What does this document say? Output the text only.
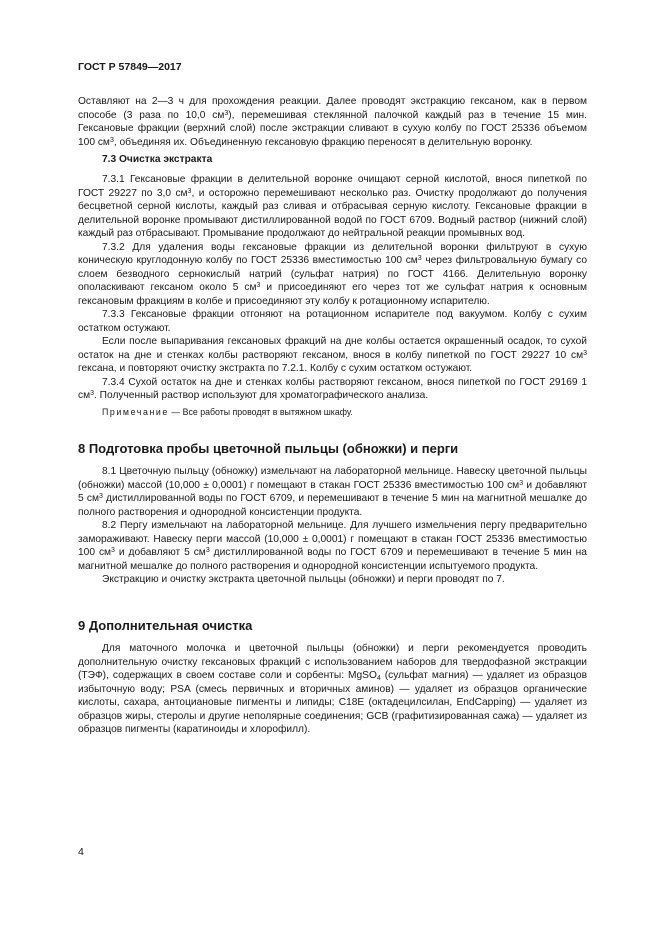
ГОСТ Р 57849—2017

Оставляют на 2—3 ч для прохождения реакции. Далее проводят экстракцию гексаном, как в первом способе (3 раза по 10,0 $см^3$), перемешивая стеклянной палочкой каждый раз в течение 15 мин. Гексановые фракции (верхний слой) после экстракции сливают в сухую колбу по ГОСТ 25336 объемом 100 $см^3$, объединяя их. Объединенную гексановую фракцию переносят в делительную воронку.

7.3 Очистка экстракта

7.3.1 Гексановые фракции в делительной воронке очищают серной кислотой, внося пипеткой по ГОСТ 29227 по 3,0 $см^3$, и осторожно перемешивают несколько раз. Очистку продолжают до получения бесцветной серной кислоты, каждый раз сливая и отбрасывая серную кислоту. Гексановые фракции в делительной воронке промывают дистиллированной водой по ГОСТ 6709. Водный раствор (нижний слой) каждый раз отбрасывают. Промывание продолжают до нейтральной реакции промывных вод.

7.3.2 Для удаления воды гексановые фракции из делительной воронки фильтруют в сухую коническую круглодонную колбу по ГОСТ 25336 вместимостью 100 $см^3$ через фильтровальную бумагу со слоем безводного сернокислый натрий (сульфат натрия) по ГОСТ 4166. Делительную воронку ополаскивают гексаном около 5 $см^3$ и присоединяют его через тот же сульфат натрия к основным гексановым фракциям в колбе и присоединяют эту колбу к ротационному испарителю.

7.3.3 Гексановые фракции отгоняют на ротационном испарителе под вакуумом. Колбу с сухим остатком остужают.

Если после выпаривания гексановых фракций на дне колбы остается окрашенный осадок, то сухой остаток на дне и стенках колбы растворяют гексаном, внося в колбу пипеткой по ГОСТ 29227 10 $см^3$ гексана, и повторяют очистку экстракта по 7.2.1. Колбу с сухим остатком остужают.

7.3.4 Сухой остаток на дне и стенках колбы растворяют гексаном, внося пипеткой по ГОСТ 29169 1 $см^3$. Полученный раствор используют для хроматографического анализа.

Примечание — Все работы проводят в вытяжном шкафу.
8 Подготовка пробы цветочной пыльцы (обножки) и перги

8.1 Цветочную пыльцу (обножку) измельчают на лабораторной мельнице. Навеску цветочной пыльцы (обножки) массой (10,000 ± 0,0001) г помещают в стакан ГОСТ 25336 вместимостью 100 $см^3$ и добавляют 5 $см^3$ дистиллированной воды по ГОСТ 6709, и перемешивают в течение 5 мин на магнитной мешалке до полного растворения и однородной консистенции продукта.

8.2 Пергу измельчают на лабораторной мельнице. Для лучшего измельчения пергу предварительно замораживают. Навеску перги массой (10,000 ± 0,0001) г помещают в стакан ГОСТ 25336 вместимостью 100 $см^3$ и добавляют 5 $см^3$ дистиллированной воды по ГОСТ 6709 и перемешивают в течение 5 мин на магнитной мешалке до полного растворения и однородной консистенции испытуемого продукта.

Экстракцию и очистку экстракта цветочной пыльцы (обножки) и перги проводят по 7.

9 Дополнительная очистка

Для маточного молочка и цветочной пыльцы (обножки) и перги рекомендуется проводить дополнительную очистку гексановых фракций с использованием наборов для твердофазной экстракции (ТЭФ), содержащих в своем составе соли и сорбенты: MgSO$_4$ (сульфат магния) — удаляет из образцов избыточную воду; PSA (смесь первичных и вторичных аминов) — удаляет из образцов органические кислоты, сахара, антоциановые пигменты и липиды; C18E (октадецилсилан, EndCapping) — удаляет из образцов жиры, стеролы и другие неполярные соединения; GCB (графитизированная сажа) — удаляет из образцов пигменты (каратиноиды и хлорофилл).

4
